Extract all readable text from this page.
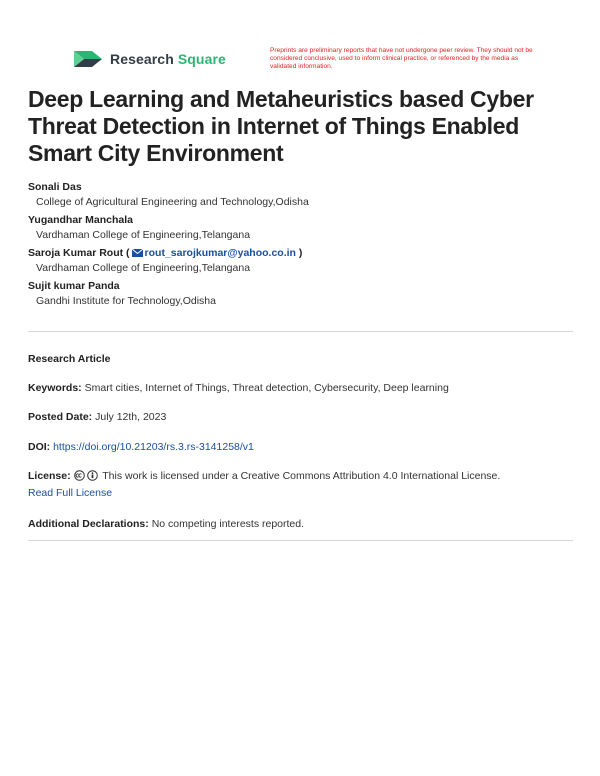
Research Square
Preprints are preliminary reports that have not undergone peer review. They should not be considered conclusive, used to inform clinical practice, or referenced by the media as validated information.
Deep Learning and Metaheuristics based Cyber Threat Detection in Internet of Things Enabled Smart City Environment
Sonali Das
College of Agricultural Engineering and Technology,Odisha
Yugandhar Manchala
Vardhaman College of Engineering,Telangana
Saroja Kumar Rout ( rout_sarojkumar@yahoo.co.in )
Vardhaman College of Engineering,Telangana
Sujit kumar Panda
Gandhi Institute for Technology,Odisha
Research Article
Keywords: Smart cities, Internet of Things, Threat detection, Cybersecurity, Deep learning
Posted Date: July 12th, 2023
DOI: https://doi.org/10.21203/rs.3.rs-3141258/v1
License:	This work is licensed under a Creative Commons Attribution 4.0 International License.
Read Full License
Additional Declarations: No competing interests reported.
